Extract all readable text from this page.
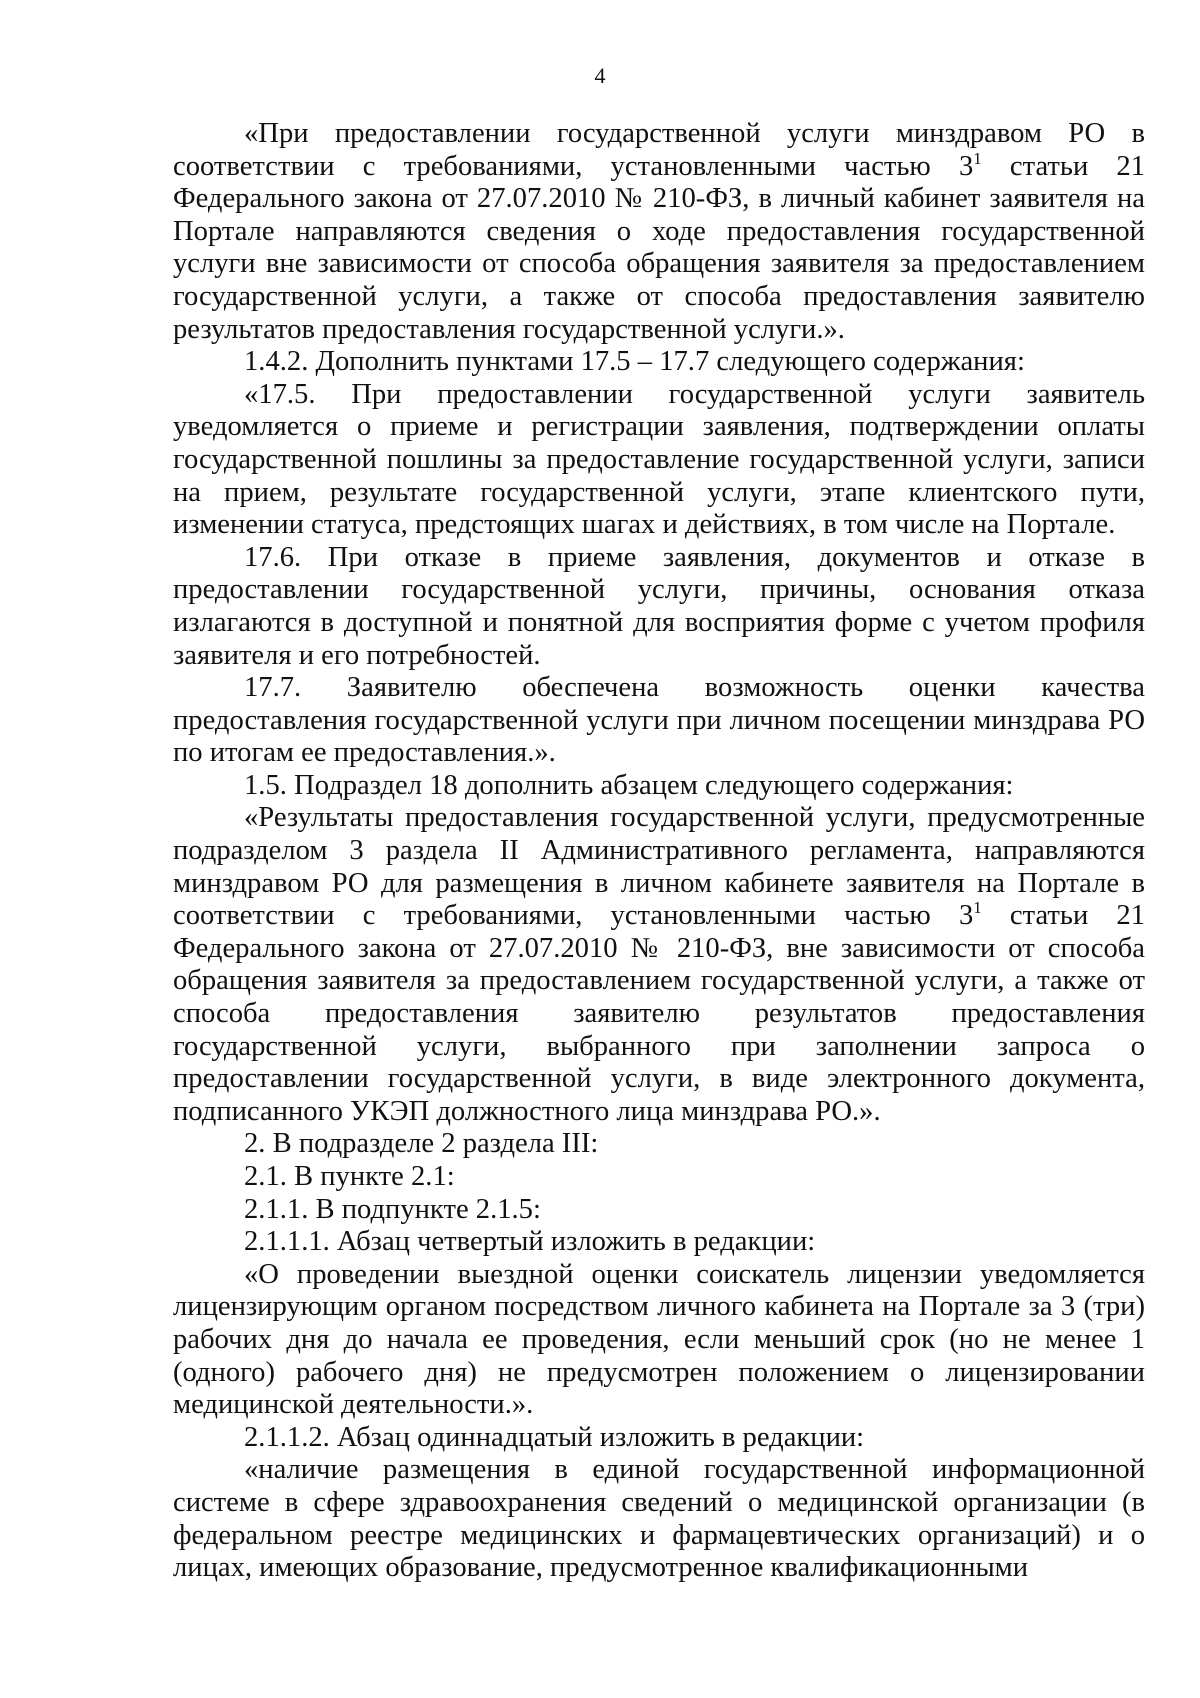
4

«При предоставлении государственной услуги минздравом РО в соответствии с требованиями, установленными частью $3^1$ статьи 21 Федерального закона от 27.07.2010 № 210-ФЗ, в личный кабинет заявителя на Портале направляются сведения о ходе предоставления государственной услуги вне зависимости от способа обращения заявителя за предоставлением государственной услуги, а также от способа предоставления заявителю результатов предоставления государственной услуги.».

1.4.2. Дополнить пунктами 17.5 – 17.7 следующего содержания:

«17.5. При предоставлении государственной услуги заявитель уведомляется о приеме и регистрации заявления, подтверждении оплаты государственной пошлины за предоставление государственной услуги, записи на прием, результате государственной услуги, этапе клиентского пути, изменении статуса, предстоящих шагах и действиях, в том числе на Портале.

17.6. При отказе в приеме заявления, документов и отказе в предоставлении государственной услуги, причины, основания отказа излагаются в доступной и понятной для восприятия форме с учетом профиля заявителя и его потребностей.

17.7. Заявителю обеспечена возможность оценки качества предоставления государственной услуги при личном посещении минздрава РО по итогам ее предоставления.».

1.5. Подраздел 18 дополнить абзацем следующего содержания:

«Результаты предоставления государственной услуги, предусмотренные подразделом 3 раздела II Административного регламента, направляются минздравом РО для размещения в личном кабинете заявителя на Портале в соответствии с требованиями, установленными частью $3^1$ статьи 21 Федерального закона от 27.07.2010 № 210-ФЗ, вне зависимости от способа обращения заявителя за предоставлением государственной услуги, а также от способа предоставления заявителю результатов предоставления государственной услуги, выбранного при заполнении запроса о предоставлении государственной услуги, в виде электронного документа, подписанного УКЭП должностного лица минздрава РО.».

2. В подразделе 2 раздела III:

2.1. В пункте 2.1:

2.1.1. В подпункте 2.1.5:

2.1.1.1. Абзац четвертый изложить в редакции:

«О проведении выездной оценки соискатель лицензии уведомляется лицензирующим органом посредством личного кабинета на Портале за 3 (три) рабочих дня до начала ее проведения, если меньший срок (но не менее 1 (одного) рабочего дня) не предусмотрен положением о лицензировании медицинской деятельности.».

2.1.1.2. Абзац одиннадцатый изложить в редакции:

«наличие размещения в единой государственной информационной системе в сфере здравоохранения сведений о медицинской организации (в федеральном реестре медицинских и фармацевтических организаций) и о лицах, имеющих образование, предусмотренное квалификационными
